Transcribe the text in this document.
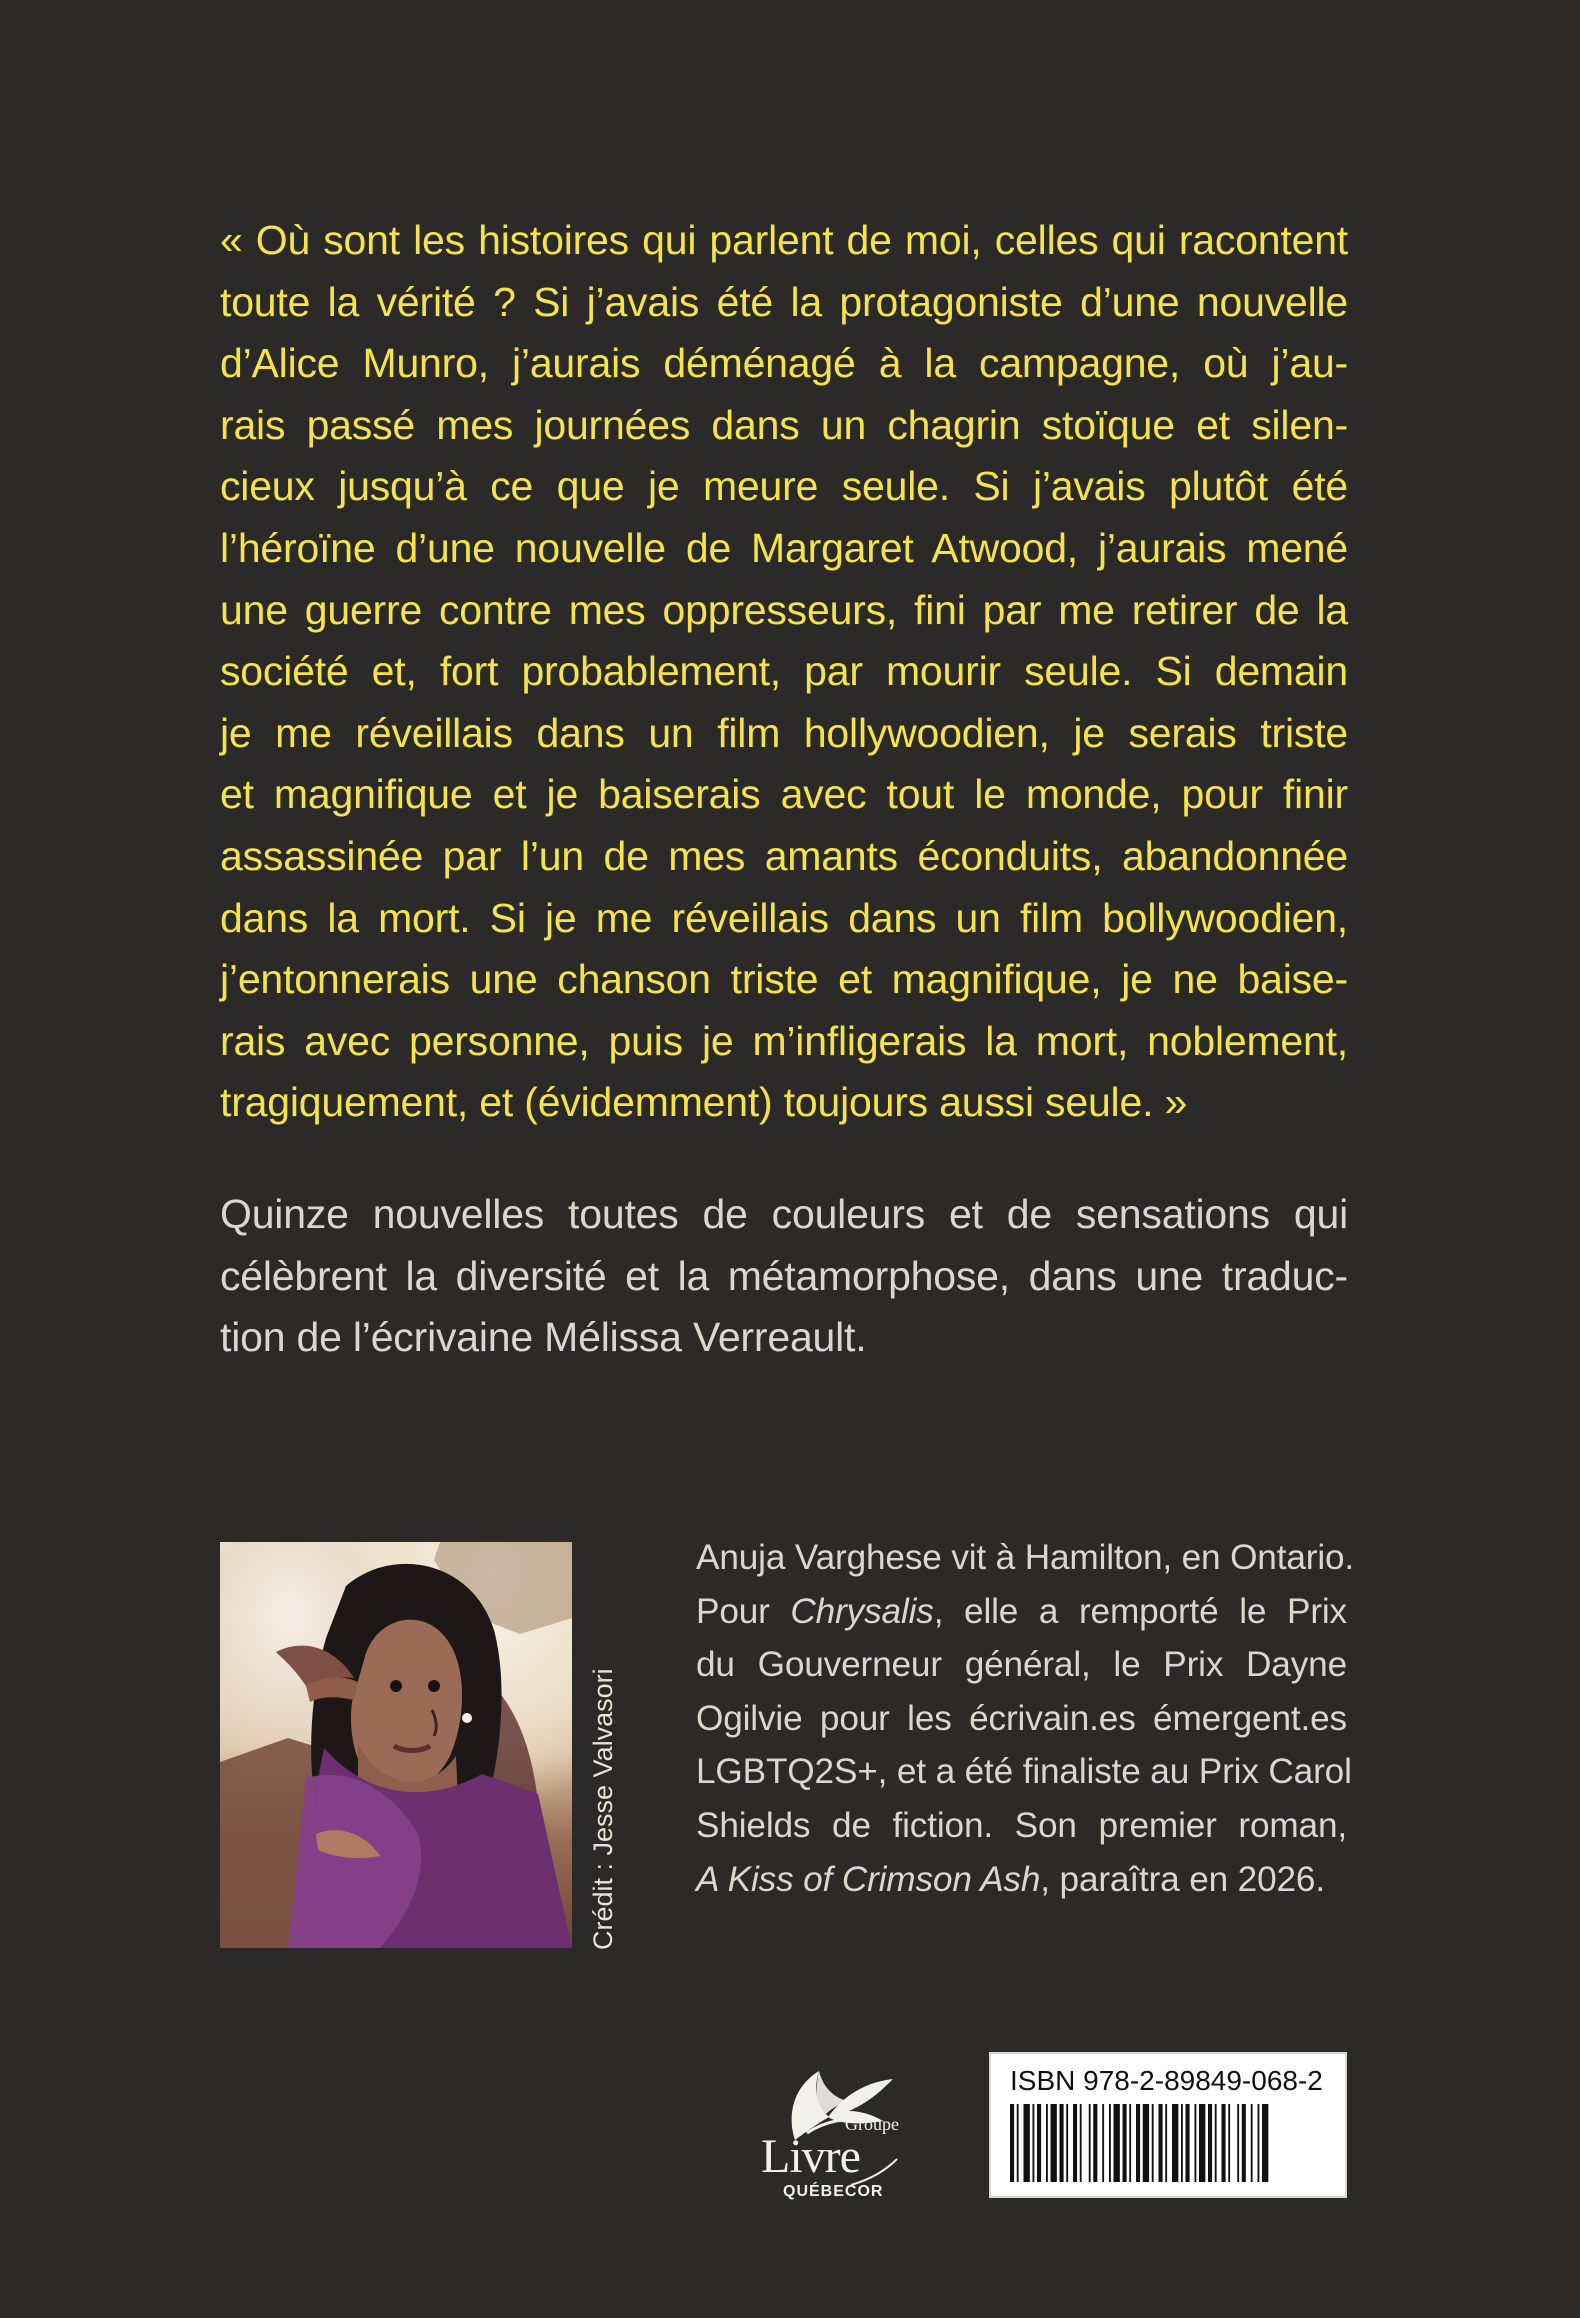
« Où sont les histoires qui parlent de moi, celles qui racontent
toute la vérité ? Si j’avais été la protagoniste d’une nouvelle
d’Alice Munro, j’aurais déménagé à la campagne, où j’au-
rais passé mes journées dans un chagrin stoïque et silen-
cieux jusqu’à ce que je meure seule. Si j’avais plutôt été
l’héroïne d’une nouvelle de Margaret Atwood, j’aurais mené
une guerre contre mes oppresseurs, fini par me retirer de la
société et, fort probablement, par mourir seule. Si demain
je me réveillais dans un film hollywoodien, je serais triste
et magnifique et je baiserais avec tout le monde, pour finir
assassinée par l’un de mes amants éconduits, abandonnée
dans la mort. Si je me réveillais dans un film bollywoodien,
j’entonnerais une chanson triste et magnifique, je ne baise-
rais avec personne, puis je m’infligerais la mort, noblement,
tragiquement, et (évidemment) toujours aussi seule. »
Quinze nouvelles toutes de couleurs et de sensations qui
célèbrent la diversité et la métamorphose, dans une traduc-
tion de l’écrivaine Mélissa Verreault.
Crédit : Jesse Valvasori
Anuja Varghese vit à Hamilton, en Ontario.
Pour Chrysalis, elle a remporté le Prix
du Gouverneur général, le Prix Dayne
Ogilvie pour les écrivain.es émergent.es
LGBTQ2S+, et a été finaliste au Prix Carol
Shields de fiction. Son premier roman,
A Kiss of Crimson Ash, paraîtra en 2026.
Groupe
Livre
QUÉBECOR
ISBN 978-2-89849-068-2
